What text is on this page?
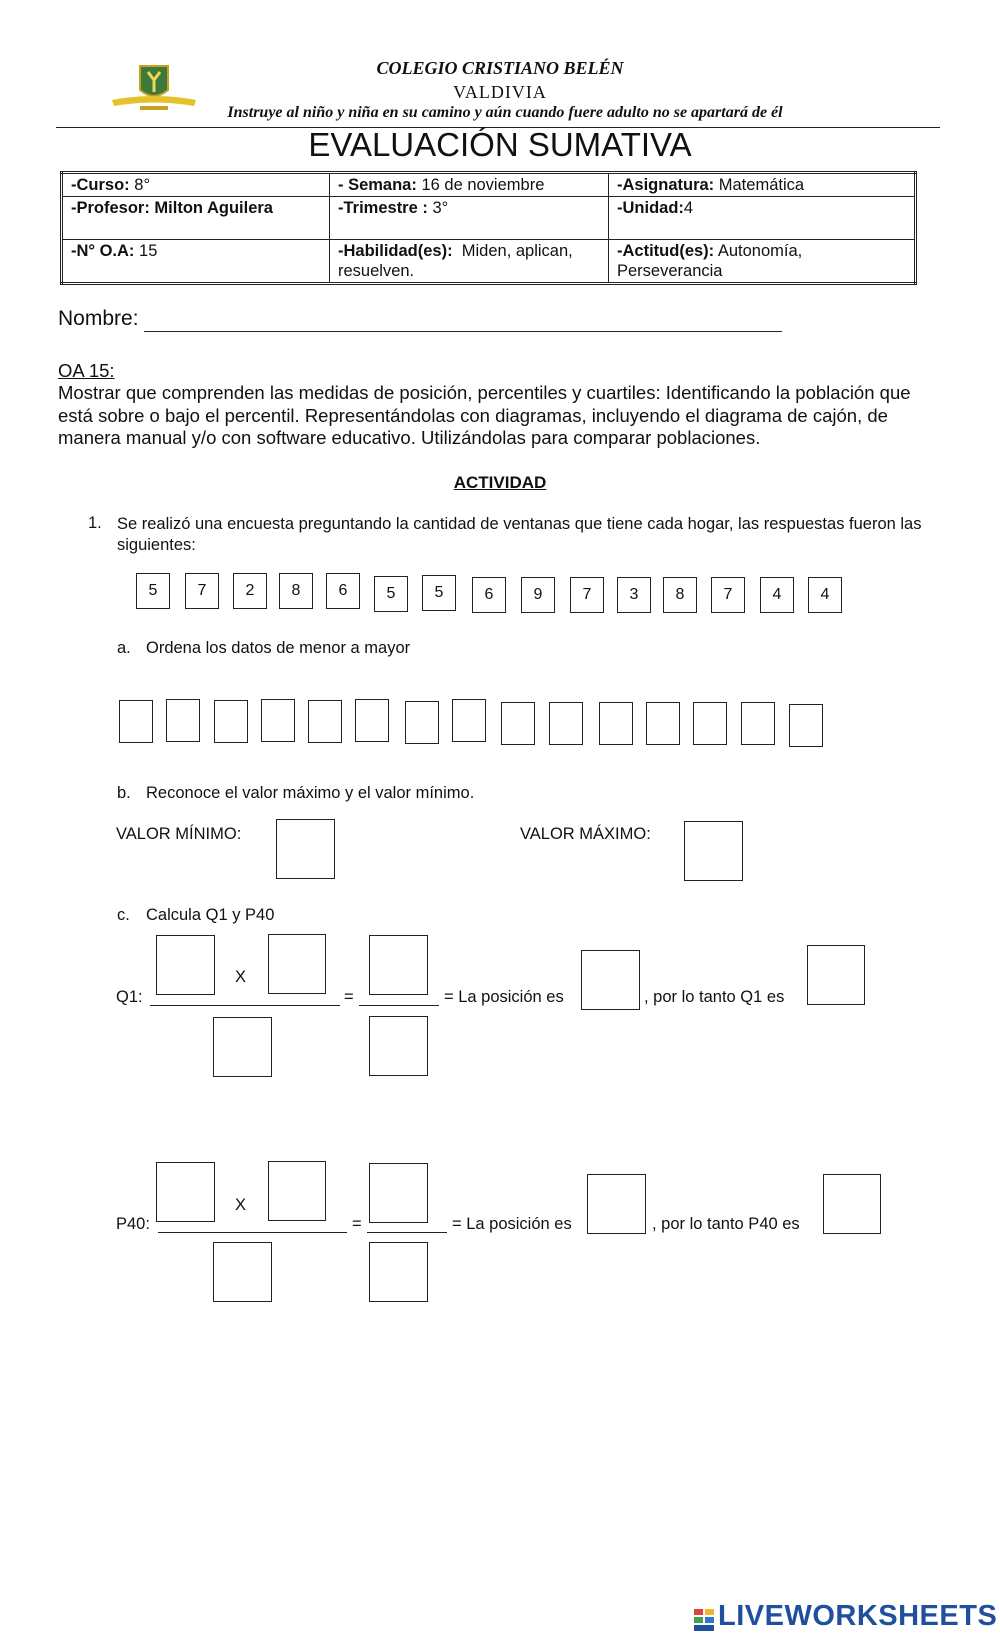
COLEGIO CRISTIANO BELÉN
VALDIVIA
Instruye al niño y niña en su camino y aún cuando fuere adulto no se apartará de él
EVALUACIÓN SUMATIVA
-Curso: 8°	- Semana: 16 de noviembre	-Asignatura: Matemática
-Profesor: Milton Aguilera	-Trimestre : 3°	-Unidad:4
-N° O.A: 15	-Habilidad(es): Miden, aplican, resuelven.	-Actitud(es): Autonomía, Perseverancia
Nombre:
OA 15:
Mostrar que comprenden las medidas de posición, percentiles y cuartiles: Identificando la población que está sobre o bajo el percentil. Representándolas con diagramas, incluyendo el diagrama de cajón, de manera manual y/o con software educativo. Utilizándolas para comparar poblaciones.
ACTIVIDAD
1. Se realizó una encuesta preguntando la cantidad de ventanas que tiene cada hogar, las respuestas fueron las siguientes:
5	7	2	8	6	5	5	6	9	7	3	8	7	4	4
a. Ordena los datos de menor a mayor
b. Reconoce el valor máximo y el valor mínimo.
VALOR MÍNIMO:	VALOR MÁXIMO:
c. Calcula Q1 y P40
X
Q1:	=	= La posición es	, por lo tanto Q1 es
X
P40:	=	= La posición es	, por lo tanto P40 es
LIVEWORKSHEETS
